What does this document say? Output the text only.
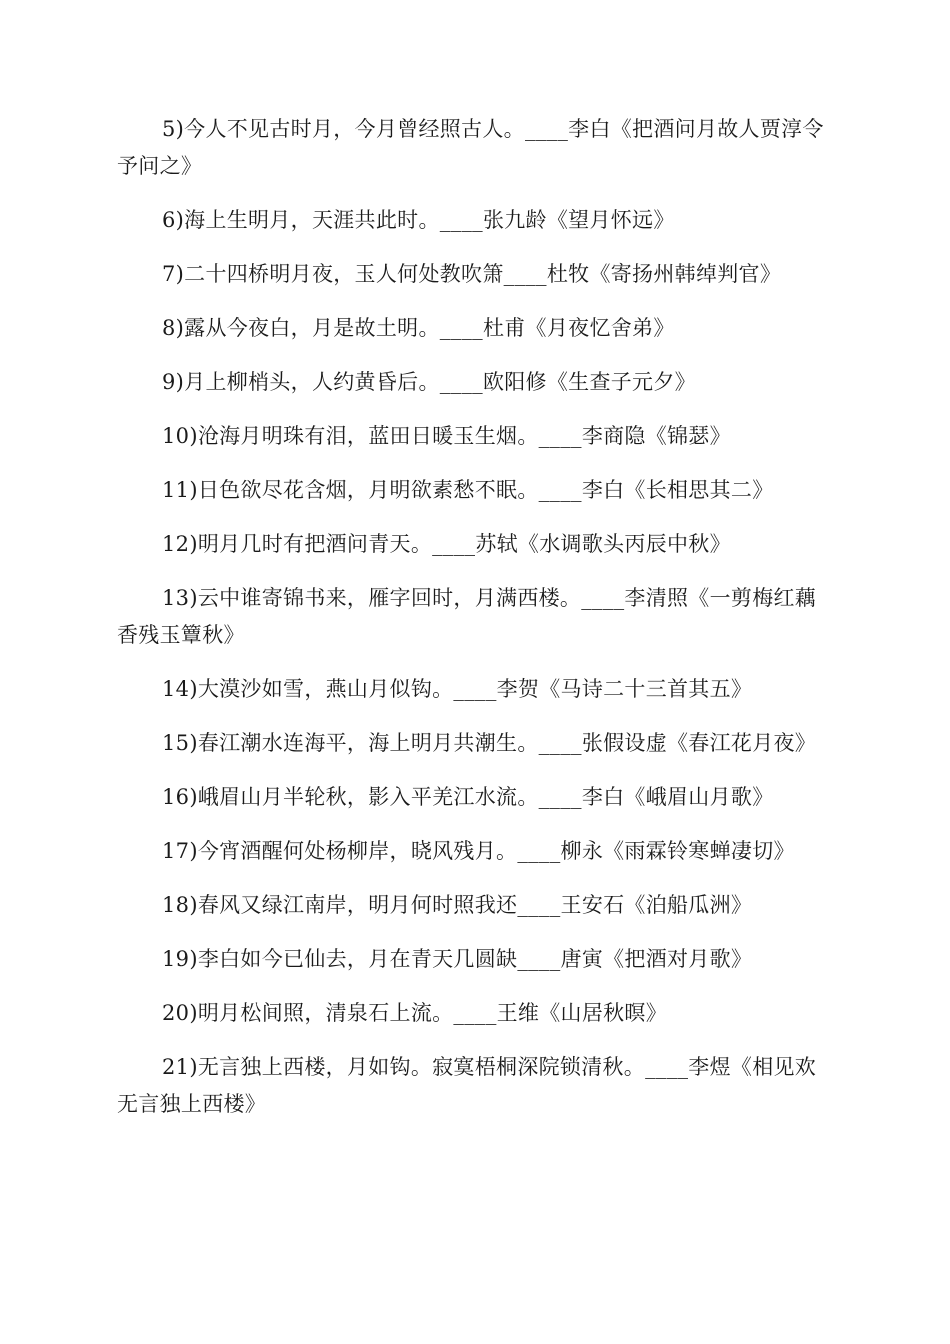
5)今人不见古时月，今月曾经照古人。____李白《把酒问月故人贾淳令予问之》

6)海上生明月，天涯共此时。____张九龄《望月怀远》

7)二十四桥明月夜，玉人何处教吹箫____杜牧《寄扬州韩绰判官》

8)露从今夜白，月是故土明。____杜甫《月夜忆舍弟》

9)月上柳梢头，人约黄昏后。____欧阳修《生查子元夕》

10)沧海月明珠有泪，蓝田日暖玉生烟。____李商隐《锦瑟》

11)日色欲尽花含烟，月明欲素愁不眠。____李白《长相思其二》

12)明月几时有把酒问青天。____苏轼《水调歌头丙辰中秋》

13)云中谁寄锦书来，雁字回时，月满西楼。____李清照《一剪梅红藕香残玉簟秋》

14)大漠沙如雪，燕山月似钩。____李贺《马诗二十三首其五》

15)春江潮水连海平，海上明月共潮生。____张假设虚《春江花月夜》

16)峨眉山月半轮秋，影入平羌江水流。____李白《峨眉山月歌》

17)今宵酒醒何处杨柳岸，晓风残月。____柳永《雨霖铃寒蝉凄切》

18)春风又绿江南岸，明月何时照我还____王安石《泊船瓜洲》

19)李白如今已仙去，月在青天几圆缺____唐寅《把酒对月歌》

20)明月松间照，清泉石上流。____王维《山居秋暝》

21)无言独上西楼，月如钩。寂寞梧桐深院锁清秋。____李煜《相见欢无言独上西楼》
